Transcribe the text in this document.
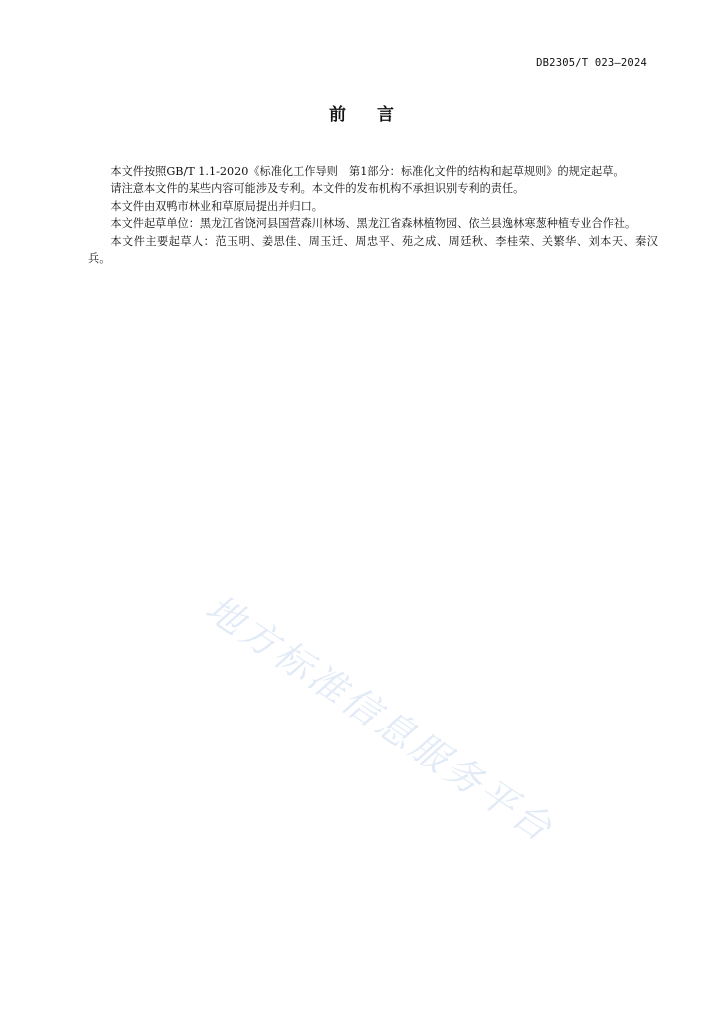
DB2305/T 023—2024
前 言

本文件按照GB/T 1.1-2020《标准化工作导则　第1部分：标准化文件的结构和起草规则》的规定起草。

请注意本文件的某些内容可能涉及专利。本文件的发布机构不承担识别专利的责任。

本文件由双鸭市林业和草原局提出并归口。

本文件起草单位：黑龙江省饶河县国营森川林场、黑龙江省森林植物园、依兰县逸林寒葱种植专业合作社。

本文件主要起草人：范玉明、姜思佳、周玉迁、周忠平、苑之成、周廷秋、李桂荣、关繁华、刘本天、秦汉兵。

地方标准信息服务平台
